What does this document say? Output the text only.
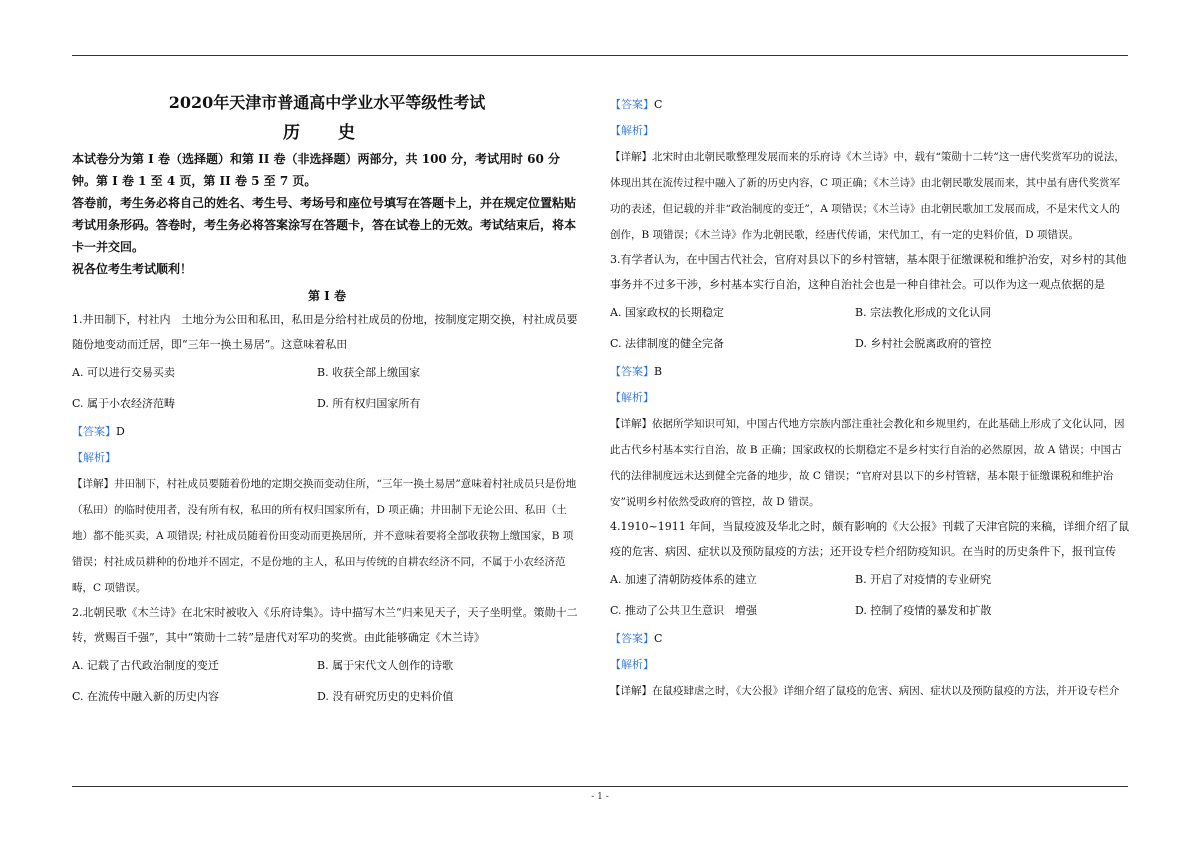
2020年天津市普通高中学业水平等级性考试
历 史

本试卷分为第 I 卷（选择题）和第 II 卷（非选择题）两部分，共 100 分，考试用时 60 分钟。第 I 卷 1 至 4 页，第 II 卷 5 至 7 页。

答卷前，考生务必将自己的姓名、考生号、考场号和座位号填写在答题卡上，并在规定位置粘贴考试用条形码。答卷时，考生务必将答案涂写在答题卡，答在试卷上的无效。考试结束后，将本卡一并交回。

祝各位考生考试顺利！

第 I 卷

1.井田制下，村社内　土地分为公田和私田，私田是分给村社成员的份地，按制度定期交换，村社成员要随份地变动而迁居，即“三年一换土易居”。这意味着私田

A. 可以进行交易买卖	B. 收获全部上缴国家
C. 属于小农经济范畴	D. 所有权归国家所有
【答案】D
【解析】

【详解】井田制下，村社成员要随着份地的定期交换而变动住所，“三年一换土易居”意味着村社成员只是份地（私田）的临时使用者，没有所有权，私田的所有权归国家所有，D 项正确；井田制下无论公田、私田（土地）都不能买卖，A 项错误; 村社成员随着份田变动而更换居所，并不意味着要将全部收获物上缴国家，B 项错误；村社成员耕种的份地并不固定，不是份地的主人，私田与传统的自耕农经济不同，不属于小农经济范畴，C 项错误。

2.北朝民歌《木兰诗》在北宋时被收入《乐府诗集》。诗中描写木兰“归来见天子，天子坐明堂。策勋十二转，赏赐百千强”，其中“策勋十二转”是唐代对军功的奖赏。由此能够确定《木兰诗》

A. 记载了古代政治制度的变迁	B. 属于宋代文人创作的诗歌
C. 在流传中融入新的历史内容	D. 没有研究历史的史料价值
【答案】C
【解析】

【详解】北宋时由北朝民歌整理发展而来的乐府诗《木兰诗》中，载有“策勋十二转”这一唐代奖赏军功的说法，体现出其在流传过程中融入了新的历史内容，C 项正确；《木兰诗》由北朝民歌发展而来，其中虽有唐代奖赏军功的表述，但记载的并非“政治制度的变迁”，A 项错误；《木兰诗》由北朝民歌加工发展而成，不是宋代文人的创作，B 项错误；《木兰诗》作为北朝民歌，经唐代传诵，宋代加工，有一定的史料价值，D 项错误。

3.有学者认为，在中国古代社会，官府对县以下的乡村管辖，基本限于征缴课税和维护治安，对乡村的其他事务并不过多干涉，乡村基本实行自治，这种自治社会也是一种自律社会。可以作为这一观点依据的是

A. 国家政权的长期稳定	B. 宗法教化形成的文化认同
C. 法律制度的健全完备	D. 乡村社会脱离政府的管控
【答案】B
【解析】

【详解】依据所学知识可知，中国古代地方宗族内部注重社会教化和乡规里约，在此基础上形成了文化认同，因此古代乡村基本实行自治，故 B 正确；国家政权的长期稳定不是乡村实行自治的必然原因，故 A 错误；中国古代的法律制度远未达到健全完备的地步，故 C 错误；“官府对县以下的乡村管辖，基本限于征缴课税和维护治安”说明乡村依然受政府的管控，故 D 错误。

4.1910~1911 年间，当鼠疫波及华北之时，颇有影响的《大公报》刊载了天津官院的来稿，详细介绍了鼠疫的危害、病因、症状以及预防鼠疫的方法；还开设专栏介绍防疫知识。在当时的历史条件下，报刊宣传

A. 加速了清朝防疫体系的建立	B. 开启了对疫情的专业研究
C. 推动了公共卫生意识　增强	D. 控制了疫情的暴发和扩散
【答案】C
【解析】

【详解】在鼠疫肆虐之时，《大公报》详细介绍了鼠疫的危害、病因、症状以及预防鼠疫的方法，并开设专栏介

- 1 -
